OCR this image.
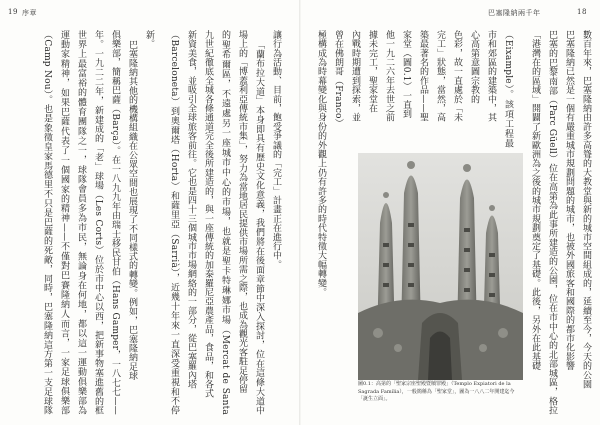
19 序章	巴塞隆納兩千年	18
（Camp Nou）。也是象徵皇家馬德里不只是巴薩的死敵，同時，巴塞隆納這方第一支足球隊
運動家精神，如果巴薩代表了一個國家的精神——不僅對巴賽隆納人而言，一家足球俱樂部
世界上最富裕的體育團隊之一，球隊會員多為市民，無論身在何地，都以這一運動俱樂部為
年。一九二二年，新建成的「老」球場（Les Corts）位於市中心以西，把新事物塞進舊的框
俱樂部，簡稱巴薩（Barça）。在一八九九年由瑞士移民甘伯（Hans Gamper，一八七七——
巴塞隆納其他的機構組織在公眾空間也展現了不同樣式的轉變。例如，巴塞隆納足球
新。	（Barceloneta）到奧爾塔（Horta）和薩里亞（Sarrià），近幾十年來一直深受重視和不停
新資美食，並吸引全球旅客前往。它也是四十三個城市市場網絡的一部分，從巴塞羅內塔 九世紀徹底全城各條通道完全後所建造的，與一座傳統的加泰羅尼亞農產品，食品，和各式 的聖希爾區，不遠處另一座城市中心的市場，也就是聖卡特琳娜市場（Mercat de Santa
場上的「博蓋利亞傳統市集」，努力為當地居民提供市場所需之際，也成為觀光客駐足停留 「蘭布拉大道」本身即具有歷史文化意義，我們將在後面章節中深入探討，位在這條大道中
讓行為活動、目前，飽受爭議的「完工」計畫正在進行中。	極構成為時幕變化與身份的外觀上仍有許多的時代特徵大幅轉變。 曾在佛朗哥（Franco） 內戰時期遭到探索，並 據未完工，聖家堂在 他一九二六年去世之前 家堂（圖0.1）一直到 築最著名的作品——聖 完工」狀態，當然，高 色彩，故一直處於「未 心高第意圖宗教的 市和郊區的建築中，其 （Eixample）。該項工程最	「港灣在的區域」開闢了新歐洲為之後的城市規劃奠定了基礎。此後，另外在此基礎 巴塞的巴黎南部（Parc Güell）位在高第為此事所建造的公園，位在市中心的北部城區，格拉
巴塞隆納已然是一個有嚴重城市規劃問題的城市，也被外國旅客和國際的都市化影響 數百年來，巴塞隆納由許多高聳的大教堂與新的城市空間組成的，延續至今，今天的公園
圖0.1：高第的「聖家宗座聖殿暨贖罪殿」（Templo Expiatori de la Sagrada Família），一般簡稱為「聖家堂」，圖為一八八二年開建迄今「誕生立面」。
